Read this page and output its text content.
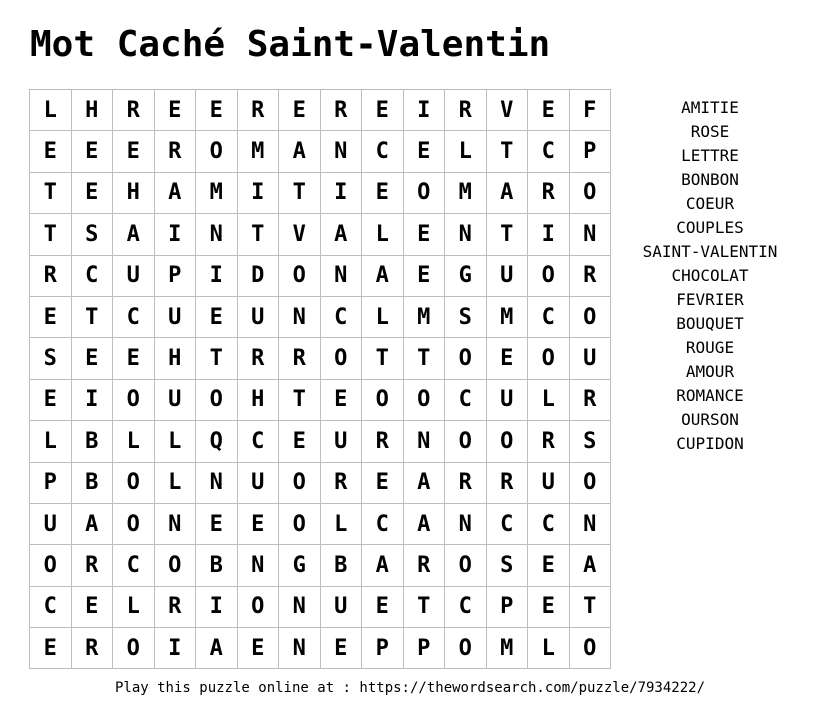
Mot Caché Saint-Valentin
L	H	R	E	E	R	E	R	E	I	R	V	E	F
E	E	E	R	O	M	A	N	C	E	L	T	C	P
T	E	H	A	M	I	T	I	E	O	M	A	R	O
T	S	A	I	N	T	V	A	L	E	N	T	I	N
R	C	U	P	I	D	O	N	A	E	G	U	O	R
E	T	C	U	E	U	N	C	L	M	S	M	C	O
S	E	E	H	T	R	R	O	T	T	O	E	O	U
E	I	O	U	O	H	T	E	O	O	C	U	L	R
L	B	L	L	Q	C	E	U	R	N	O	O	R	S
P	B	O	L	N	U	O	R	E	A	R	R	U	O
U	A	O	N	E	E	O	L	C	A	N	C	C	N
O	R	C	O	B	N	G	B	A	R	O	S	E	A
C	E	L	R	I	O	N	U	E	T	C	P	E	T
E	R	O	I	A	E	N	E	P	P	O	M	L	O
AMITIE
ROSE
LETTRE
BONBON
COEUR
COUPLES
SAINT-VALENTIN
CHOCOLAT
FEVRIER
BOUQUET
ROUGE
AMOUR
ROMANCE
OURSON
CUPIDON
Play this puzzle online at : https://thewordsearch.com/puzzle/7934222/
